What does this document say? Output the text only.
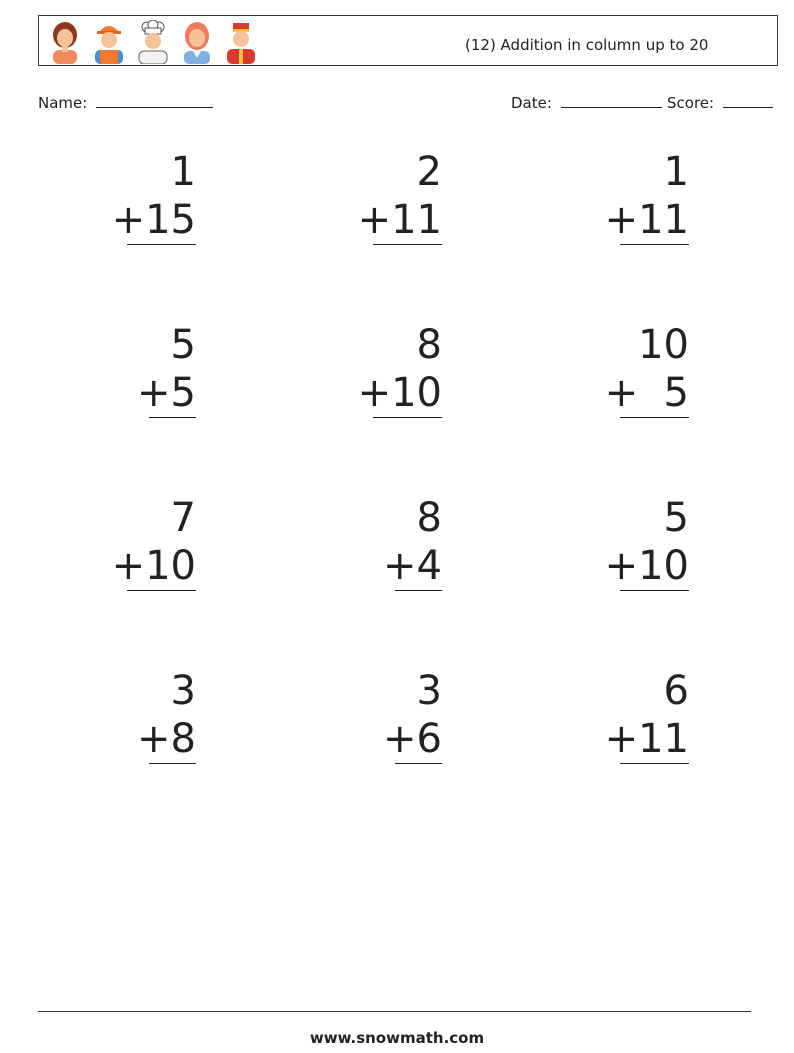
(12) Addition in column up to 20
Name:	Date:	Score:
1
+15
2
+11
1
+11
5
+5
8
+10
10
+  5
7
+10
8
+4
5
+10
3
+8
3
+6
6
+11
www.snowmath.com
